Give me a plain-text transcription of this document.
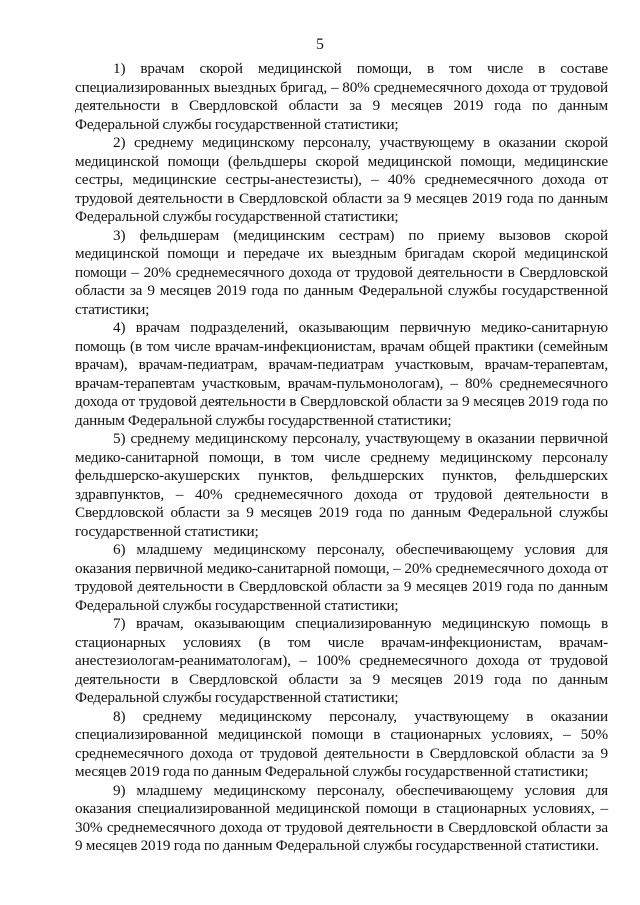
5

1) врачам скорой медицинской помощи, в том числе в составе специализированных выездных бригад, – 80% среднемесячного дохода от трудовой деятельности в Свердловской области за 9 месяцев 2019 года по данным Федеральной службы государственной статистики;

2) среднему медицинскому персоналу, участвующему в оказании скорой медицинской помощи (фельдшеры скорой медицинской помощи, медицинские сестры, медицинские сестры-анестезисты), – 40% среднемесячного дохода от трудовой деятельности в Свердловской области за 9 месяцев 2019 года по данным Федеральной службы государственной статистики;

3) фельдшерам (медицинским сестрам) по приему вызовов скорой медицинской помощи и передаче их выездным бригадам скорой медицинской помощи – 20% среднемесячного дохода от трудовой деятельности в Свердловской области за 9 месяцев 2019 года по данным Федеральной службы государственной статистики;

4) врачам подразделений, оказывающим первичную медико-санитарную помощь (в том числе врачам-инфекционистам, врачам общей практики (семейным врачам), врачам-педиатрам, врачам-педиатрам участковым, врачам-терапевтам, врачам-терапевтам участковым, врачам-пульмонологам), – 80% среднемесячного дохода от трудовой деятельности в Свердловской области за 9 месяцев 2019 года по данным Федеральной службы государственной статистики;

5) среднему медицинскому персоналу, участвующему в оказании первичной медико-санитарной помощи, в том числе среднему медицинскому персоналу фельдшерско-акушерских пунктов, фельдшерских пунктов, фельдшерских здравпунктов, – 40% среднемесячного дохода от трудовой деятельности в Свердловской области за 9 месяцев 2019 года по данным Федеральной службы государственной статистики;

6) младшему медицинскому персоналу, обеспечивающему условия для оказания первичной медико-санитарной помощи, – 20% среднемесячного дохода от трудовой деятельности в Свердловской области за 9 месяцев 2019 года по данным Федеральной службы государственной статистики;

7) врачам, оказывающим специализированную медицинскую помощь в стационарных условиях (в том числе врачам-инфекционистам, врачам-анестезиологам-реаниматологам), – 100% среднемесячного дохода от трудовой деятельности в Свердловской области за 9 месяцев 2019 года по данным Федеральной службы государственной статистики;

8) среднему медицинскому персоналу, участвующему в оказании специализированной медицинской помощи в стационарных условиях, – 50% среднемесячного дохода от трудовой деятельности в Свердловской области за 9 месяцев 2019 года по данным Федеральной службы государственной статистики;

9) младшему медицинскому персоналу, обеспечивающему условия для оказания специализированной медицинской помощи в стационарных условиях, – 30% среднемесячного дохода от трудовой деятельности в Свердловской области за 9 месяцев 2019 года по данным Федеральной службы государственной статистики.
